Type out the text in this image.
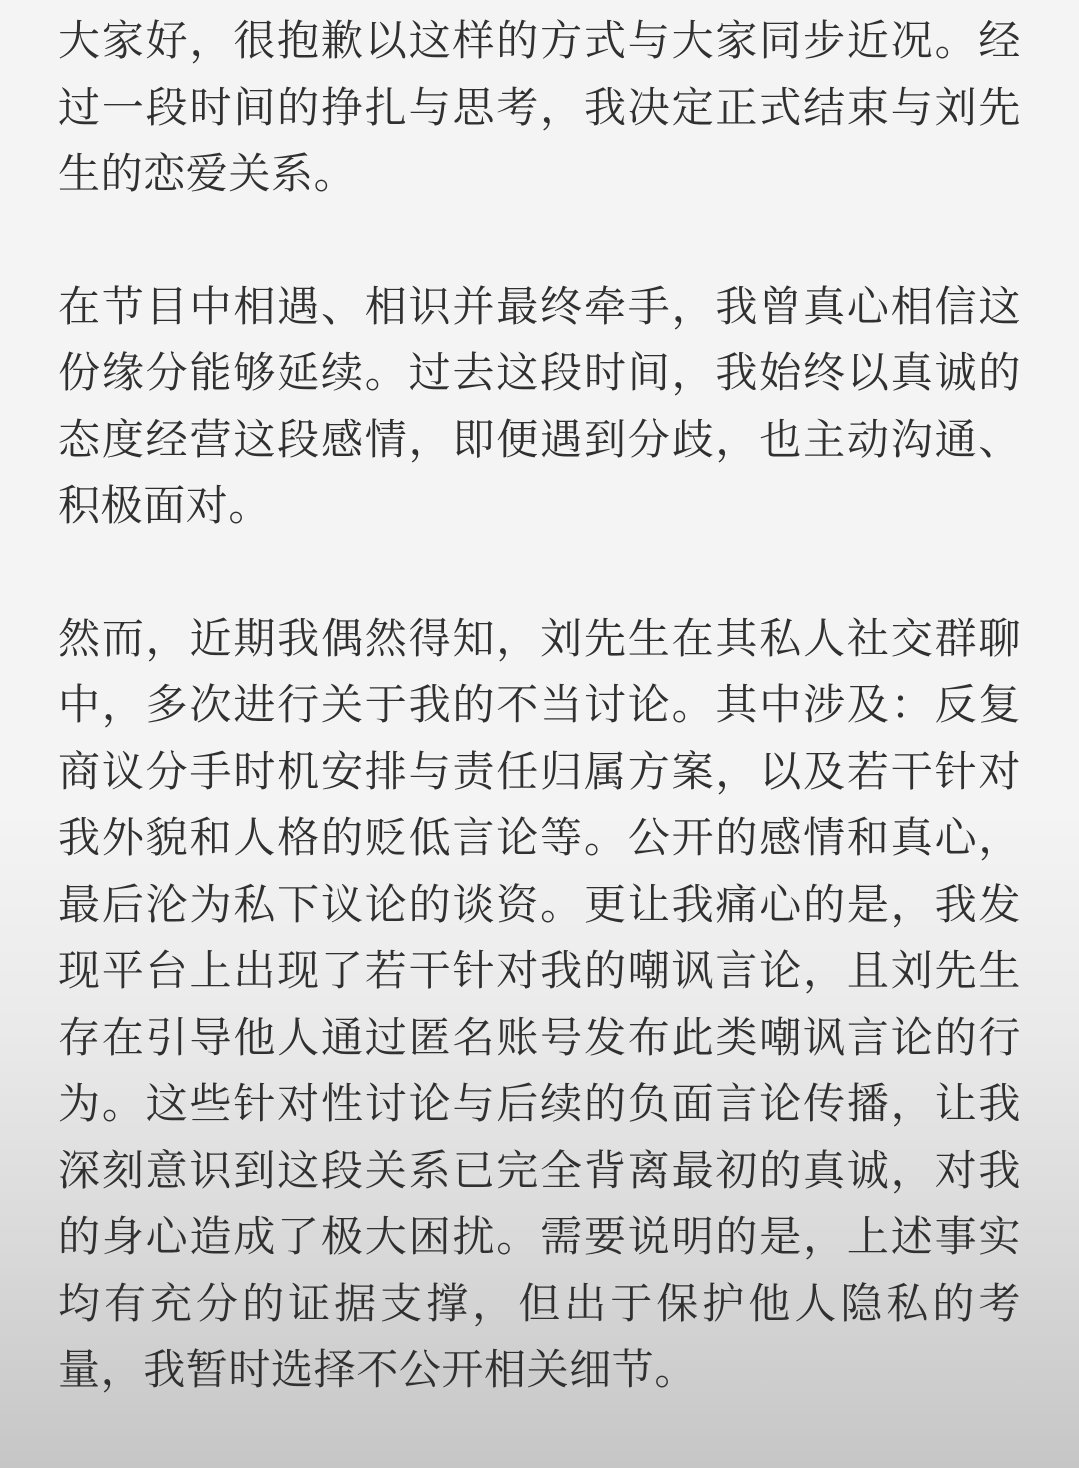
大家好，很抱歉以这样的方式与大家同步近况。经过一段时间的挣扎与思考，我决定正式结束与刘先生的恋爱关系。

在节目中相遇、相识并最终牵手，我曾真心相信这份缘分能够延续。过去这段时间，我始终以真诚的态度经营这段感情，即便遇到分歧，也主动沟通、积极面对。

然而，近期我偶然得知，刘先生在其私人社交群聊中，多次进行关于我的不当讨论。其中涉及：反复商议分手时机安排与责任归属方案，以及若干针对我外貌和人格的贬低言论等。公开的感情和真心，最后沦为私下议论的谈资。更让我痛心的是，我发现平台上出现了若干针对我的嘲讽言论，且刘先生存在引导他人通过匿名账号发布此类嘲讽言论的行为。这些针对性讨论与后续的负面言论传播，让我深刻意识到这段关系已完全背离最初的真诚，对我的身心造成了极大困扰。需要说明的是，上述事实均有充分的证据支撑，但出于保护他人隐私的考量，我暂时选择不公开相关细节。
